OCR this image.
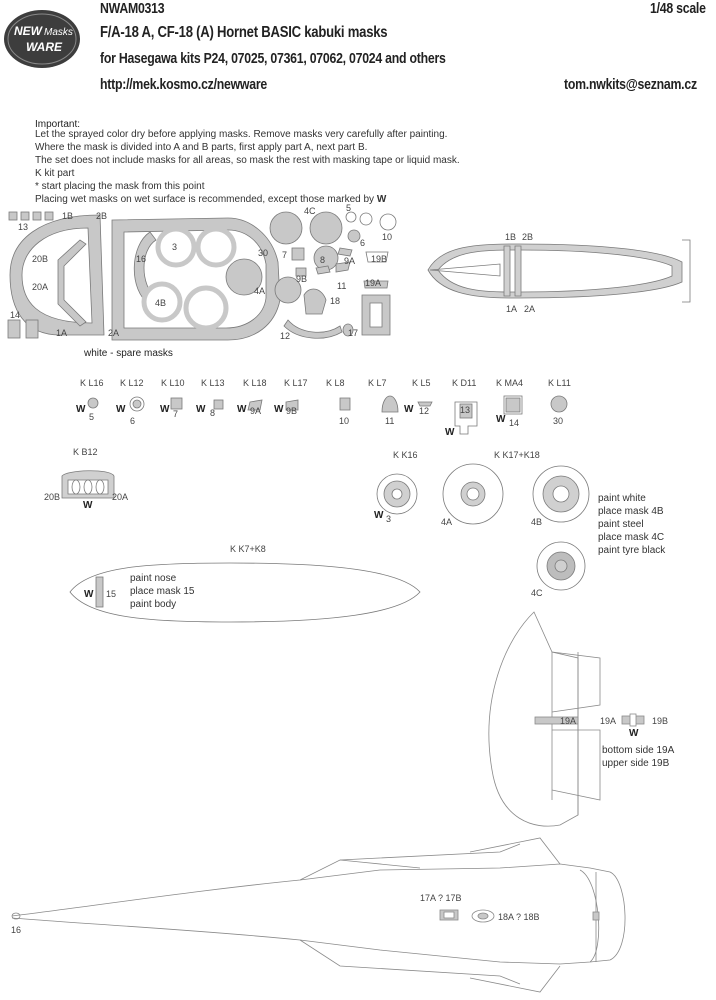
NEW Masks
WARE
NWAM0313	1/48 scale
F/A-18 A, CF-18 (A) Hornet BASIC kabuki masks
for Hasegawa kits P24, 07025, 07361, 07062, 07024 and others
http://mek.kosmo.cz/newware	tom.nwkits@seznam.cz
Important:
Let the sprayed color dry before applying masks. Remove masks very carefully after painting.
Where the mask is divided into A and B parts, first apply part A, next part B.
The set does not include masks for all areas, so mask the rest with masking tape or liquid mask.
K kit part
* start placing the mask from this point
Placing wet masks on wet surface is recommended, except those marked by W
13
1B	2B
20B
20A
14
1A	2A
16
3
4B
4A
4C	5
6
10
8 9A
9B
19B
19A
7
30
11
18
12	17
white - spare masks
1B 2B
1A 2A
K L16 K L12 K L10 K L13 K L18 K L17 K L8	K L7	K L5 K D11 K MA4	K L11
W
5
W
6
W 7 W 8 W 9A W 9B
10	11
W 12	13
W
W 14	30
K B12
20B	20A
W
K K16	K K17+K18
W 3	4A	4B
4C
paint white
place mask 4B
paint steel
place mask 4C
paint tyre black
K K7+K8
W 15
paint nose
place mask 15
paint body
19A	19A	19B
W
bottom side 19A
upper side 19B
16
17A ? 17B
18A ? 18B
